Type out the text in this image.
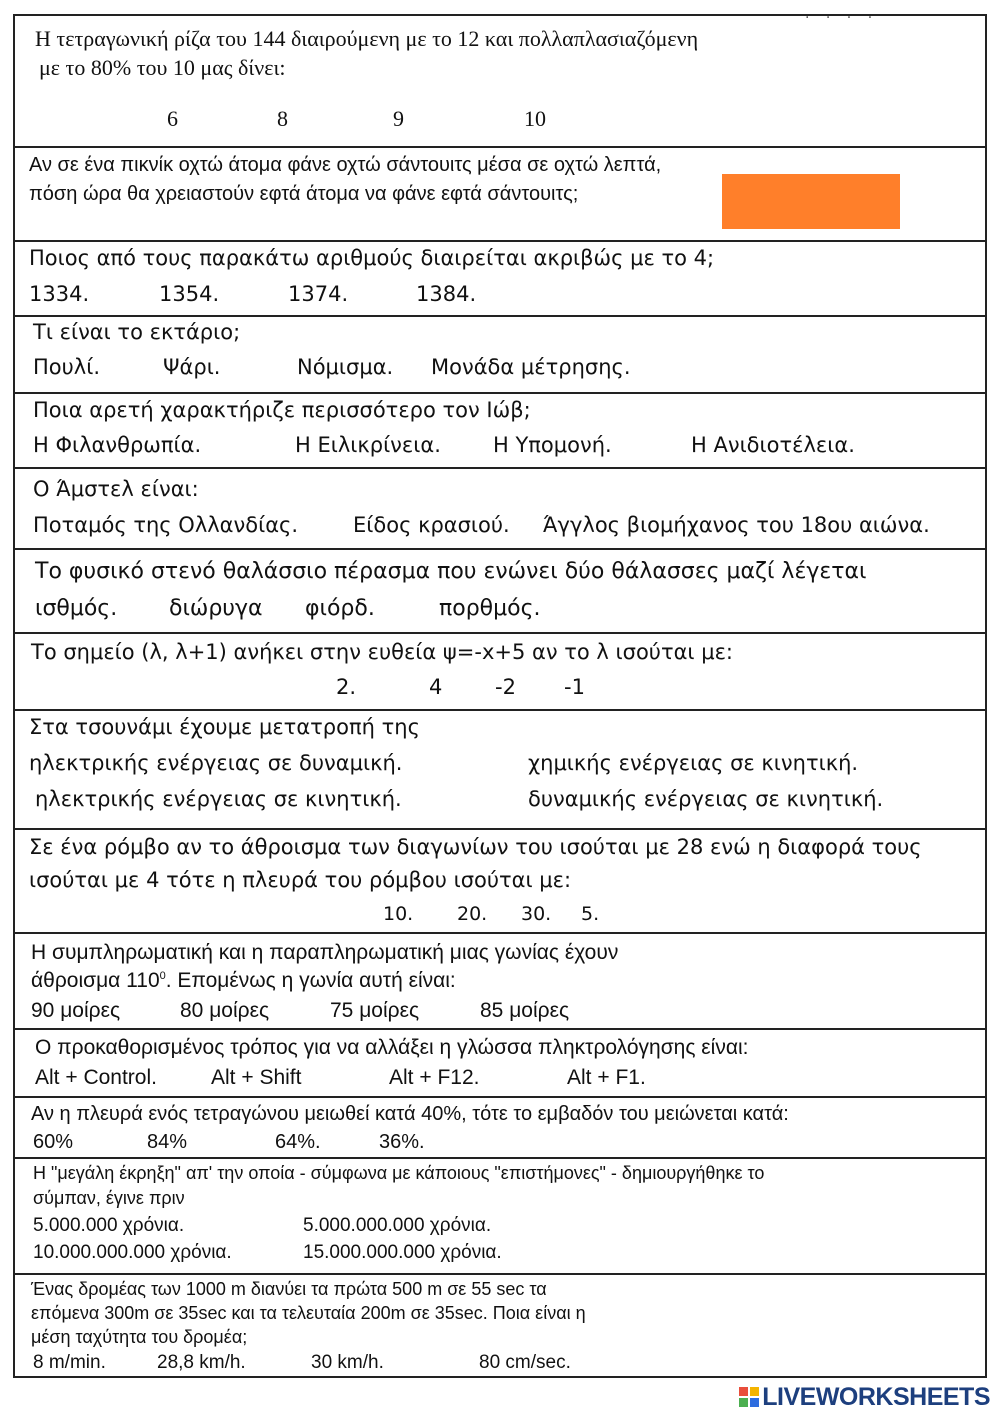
· · · ·
Η τετραγωνική ρίζα του 144 διαιρούμενη με το 12 και πολλαπλασιαζόμενη
με το 80% του 10 μας δίνει:
6	8	9	10
Αν σε ένα πικνίκ οχτώ άτομα φάνε οχτώ σάντουιτς μέσα σε οχτώ λεπτά,
πόση ώρα θα χρειαστούν εφτά άτομα να φάνε εφτά σάντουιτς;
Ποιος από τους παρακάτω αριθμούς διαιρείται ακριβώς με το 4;
1334.	1354.	1374.	1384.
Τι είναι το εκτάριο;
Πουλί.	Ψάρι.	Νόμισμα. Μονάδα μέτρησης.
Ποια αρετή χαρακτήριζε περισσότερο τον Ιώβ;
Η Φιλανθρωπία.	Η Ειλικρίνεια. Η Υπομονή.	Η Ανιδιοτέλεια.
Ο Άμστελ είναι:
Ποταμός της Ολλανδίας.	Είδος κρασιού. Άγγλος βιομήχανος του 18ου αιώνα.
Το φυσικό στενό θαλάσσιο πέρασμα που ενώνει δύο θάλασσες μαζί λέγεται
ισθμός. διώρυγα φιόρδ.	πορθμός.
Το σημείο (λ, λ+1) ανήκει στην ευθεία ψ=-x+5 αν το λ ισούται με:
2.	4	-2 -1
Στα τσουνάμι έχουμε μετατροπή της
ηλεκτρικής ενέργειας σε δυναμική.	χημικής ενέργειας σε κινητική.
ηλεκτρικής ενέργειας σε κινητική.	δυναμικής ενέργειας σε κινητική.
Σε ένα ρόμβο αν το άθροισμα των διαγωνίων του ισούται με 28 ενώ η διαφορά τους
ισούται με 4 τότε η πλευρά του ρόμβου ισούται με:
10. 20. 30. 5.
Η συμπληρωματική και η παραπληρωματική μιας γωνίας έχουν
άθροισμα $110^0$. Επομένως η γωνία αυτή είναι:
90 μοίρες	80 μοίρες	75 μοίρες	85 μοίρες
Ο προκαθορισμένος τρόπος για να αλλάξει η γλώσσα πληκτρολόγησης είναι:
Alt + Control.	Alt + Shift	Alt + F12.	Alt + F1.
Αν η πλευρά ενός τετραγώνου μειωθεί κατά 40%, τότε το εμβαδόν του μειώνεται κατά:
60%	84%	64%.	36%.
Η "μεγάλη έκρηξη" απ' την οποία - σύμφωνα με κάποιους "επιστήμονες" - δημιουργήθηκε το
σύμπαν, έγινε πριν
5.000.000 χρόνια.	5.000.000.000 χρόνια.
10.000.000.000 χρόνια.	15.000.000.000 χρόνια.
Ένας δρομέας των 1000 m διανύει τα πρώτα 500 m σε 55 sec τα
επόμενα 300m σε 35sec και τα τελευταία 200m σε 35sec. Ποια είναι η
μέση ταχύτητα του δρομέα;
8 m/min.	28,8 km/h.	30 km/h.	80 cm/sec.
LIVEWORKSHEETS
